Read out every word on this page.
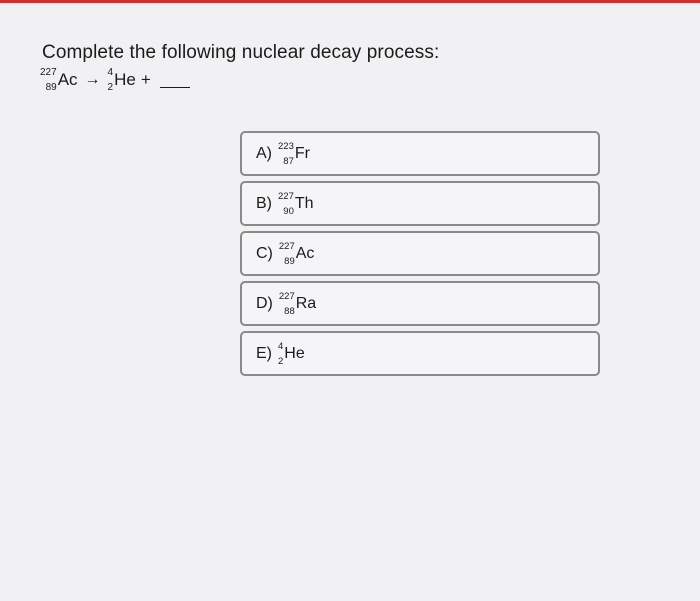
Complete the following nuclear decay process:
227
89 Ac → 4
2 He +
A) 223
87 Fr
B) 227
90 Th
C) 227
89 Ac
D) 227
88 Ra
E) 4
2 He
